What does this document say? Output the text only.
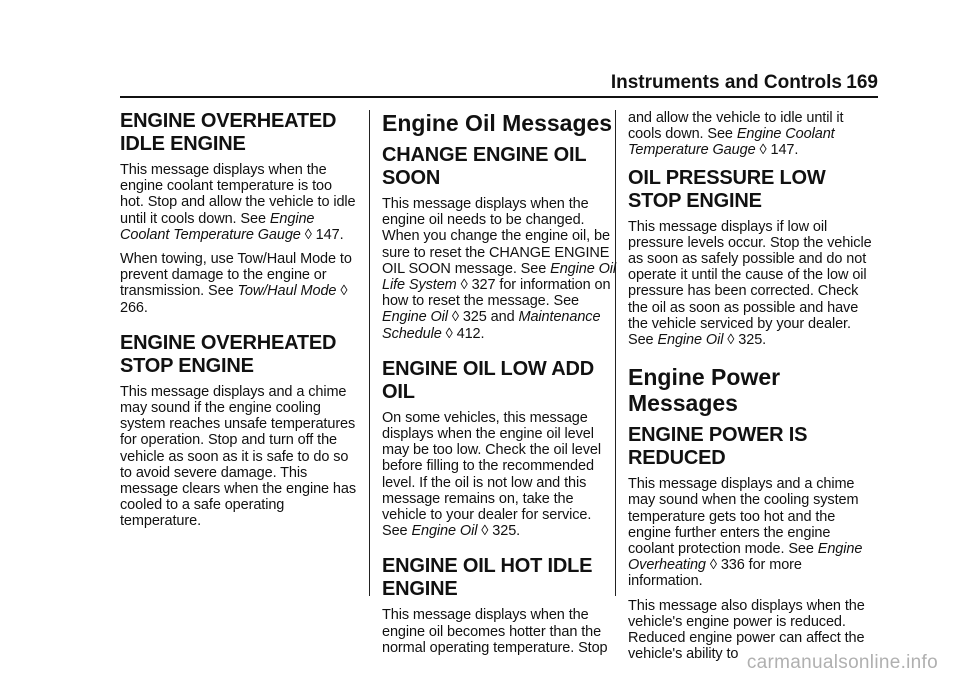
Instruments and Controls 169
ENGINE OVERHEATED IDLE ENGINE

This message displays when the engine coolant temperature is too hot. Stop and allow the vehicle to idle until it cools down. See Engine Coolant Temperature Gauge ◊ 147.

When towing, use Tow/Haul Mode to prevent damage to the engine or transmission. See Tow/Haul Mode ◊ 266.

ENGINE OVERHEATED STOP ENGINE

This message displays and a chime may sound if the engine cooling system reaches unsafe temperatures for operation. Stop and turn off the vehicle as soon as it is safe to do so to avoid severe damage. This message clears when the engine has cooled to a safe operating temperature.

Engine Oil Messages
CHANGE ENGINE OIL SOON

This message displays when the engine oil needs to be changed. When you change the engine oil, be sure to reset the CHANGE ENGINE OIL SOON message. See Engine Oil Life System ◊ 327 for information on how to reset the message. See Engine Oil ◊ 325 and Maintenance Schedule ◊ 412.

ENGINE OIL LOW ADD OIL

On some vehicles, this message displays when the engine oil level may be too low. Check the oil level before filling to the recommended level. If the oil is not low and this message remains on, take the vehicle to your dealer for service. See Engine Oil ◊ 325.

ENGINE OIL HOT IDLE ENGINE

This message displays when the engine oil becomes hotter than the normal operating temperature. Stop

and allow the vehicle to idle until it cools down. See Engine Coolant Temperature Gauge ◊ 147.

OIL PRESSURE LOW STOP ENGINE

This message displays if low oil pressure levels occur. Stop the vehicle as soon as safely possible and do not operate it until the cause of the low oil pressure has been corrected. Check the oil as soon as possible and have the vehicle serviced by your dealer. See Engine Oil ◊ 325.

Engine Power Messages
ENGINE POWER IS REDUCED

This message displays and a chime may sound when the cooling system temperature gets too hot and the engine further enters the engine coolant protection mode. See Engine Overheating ◊ 336 for more information.

This message also displays when the vehicle's engine power is reduced. Reduced engine power can affect the vehicle's ability to carmanualsonline.info
